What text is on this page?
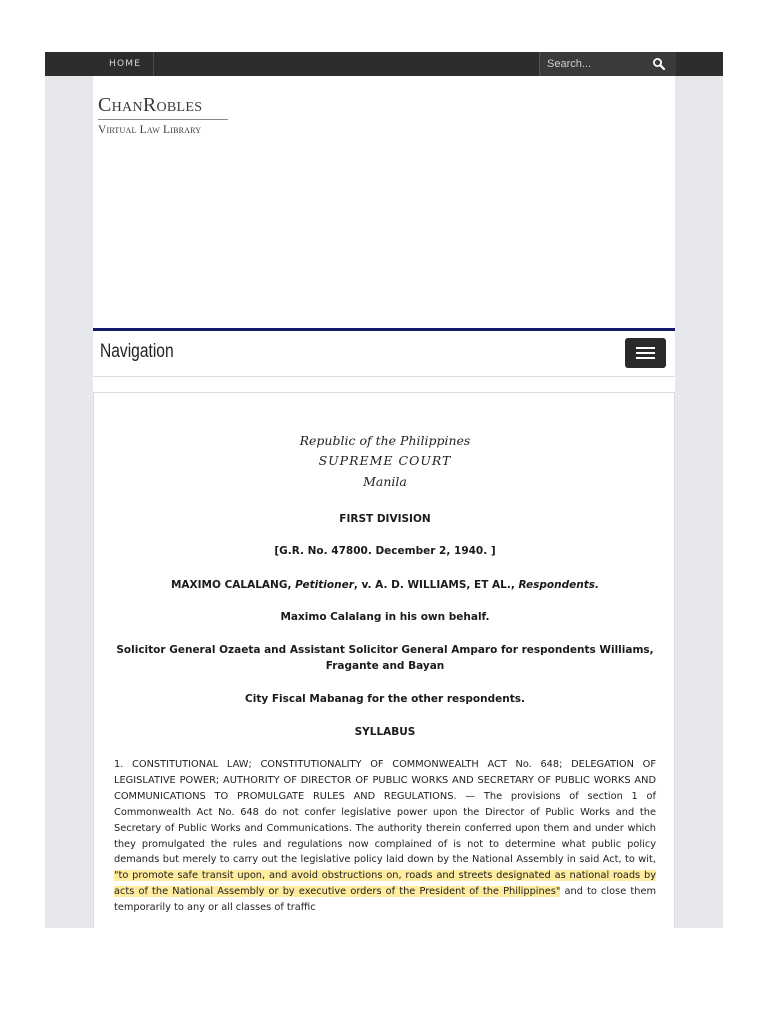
HOME
Search...
ChanRobles
Virtual Law Library
Navigation
Republic of the Philippines
SUPREME COURT
Manila
FIRST DIVISION
[G.R. No. 47800. December 2, 1940. ]
MAXIMO CALALANG, Petitioner, v. A. D. WILLIAMS, ET AL., Respondents.
Maximo Calalang in his own behalf.
Solicitor General Ozaeta and Assistant Solicitor General Amparo for respondents Williams,
Fragante and Bayan
City Fiscal Mabanag for the other respondents.
SYLLABUS
1. CONSTITUTIONAL LAW; CONSTITUTIONALITY OF COMMONWEALTH ACT No. 648; DELEGATION OF LEGISLATIVE POWER; AUTHORITY OF DIRECTOR OF PUBLIC WORKS AND SECRETARY OF PUBLIC WORKS AND COMMUNICATIONS TO PROMULGATE RULES AND REGULATIONS. — The provisions of section 1 of Commonwealth Act No. 648 do not confer legislative power upon the Director of Public Works and the Secretary of Public Works and Communications. The authority therein conferred upon them and under which they promulgated the rules and regulations now complained of is not to determine what public policy demands but merely to carry out the legislative policy laid down by the National Assembly in said Act, to wit, "to promote safe transit upon, and avoid obstructions on, roads and streets designated as national roads by acts of the National Assembly or by executive orders of the President of the Philippines" and to close them temporarily to any or all classes of traffic
